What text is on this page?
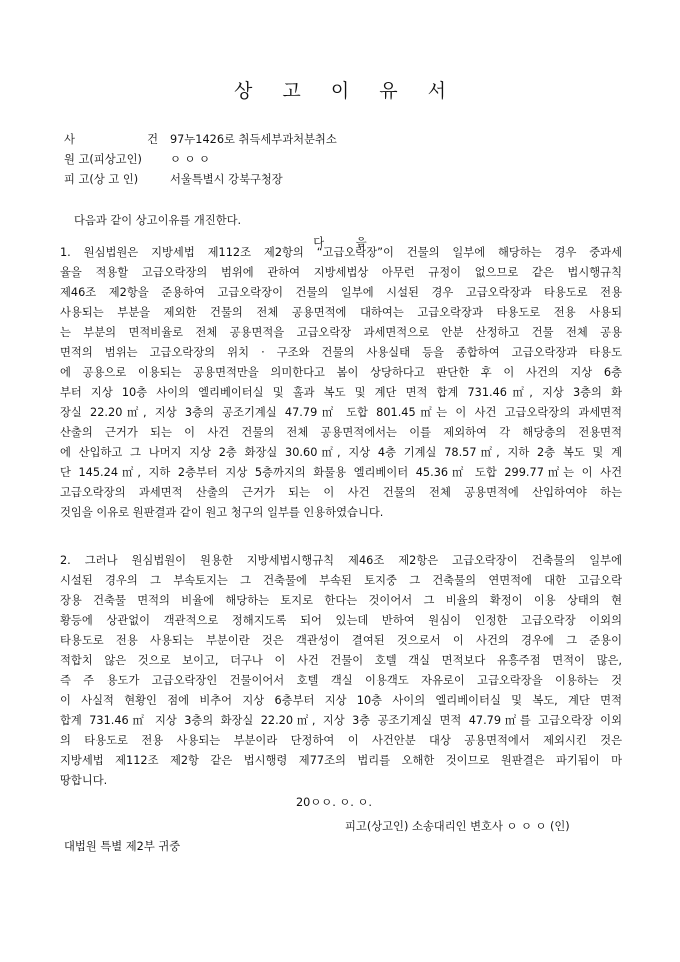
상 고 이 유 서
사	건 97누1426로 취득세부과처분취소
원 고(피상고인) ㅇ ㅇ ㅇ
피 고(상 고 인)	서울특별시 강북구청장
다음과 같이 상고이유를 개진한다.
다 음
1. 원심법원은 지방세법 제112조 제2항의 “고급오락장”이 건물의 일부에 해당하는 경우 중과세
율을 적용할 고급오락장의 범위에 관하여 지방세법상 아무런 규정이 없으므로 같은 법시행규칙
제46조 제2항을 준용하여 고급오락장이 건물의 일부에 시설된 경우 고급오락장과 타용도로 전용
사용되는 부분을 제외한 건물의 전체 공용면적에 대하여는 고급오락장과 타용도로 전용 사용되
는 부분의 면적비율로 전체 공용면적을 고급오락장 과세면적으로 안분 산정하고 건물 전체 공용
면적의 범위는 고급오락장의 위치 · 구조와 건물의 사용실태 등을 종합하여 고급오락장과 타용도
에 공용으로 이용되는 공용면적만을 의미한다고 봄이 상당하다고 판단한 후 이 사건의 지상 6층
부터 지상 10층 사이의 엘리베이터실 및 홀과 복도 및 계단 면적 합계 731.46㎡, 지상 3층의 화
장실 22.20㎡, 지상 3층의 공조기계실 47.79㎡ 도합 801.45㎡는 이 사건 고급오락장의 과세면적
산출의 근거가 되는 이 사건 건물의 전체 공용면적에서는 이를 제외하여 각 해당층의 전용면적
에 산입하고 그 나머지 지상 2층 화장실 30.60㎡, 지상 4층 기계실 78.57㎡, 지하 2층 복도 및 계
단 145.24㎡, 지하 2층부터 지상 5층까지의 화물용 엘리베이터 45.36㎡ 도합 299.77㎡는 이 사건
고급오락장의 과세면적 산출의 근거가 되는 이 사건 건물의 전체 공용면적에 산입하여야 하는
것임을 이유로 원판결과 같이 원고 청구의 일부를 인용하였습니다.
2. 그러나 원심법원이 원용한 지방세법시행규칙 제46조 제2항은 고급오락장이 건축물의 일부에
시설된 경우의 그 부속토지는 그 건축물에 부속된 토지중 그 건축물의 연면적에 대한 고급오락
장용 건축물 면적의 비율에 해당하는 토지로 한다는 것이어서 그 비율의 확정이 이용 상태의 현
황등에 상관없이 객관적으로 정해지도록 되어 있는데 반하여 원심이 인정한 고급오락장 이외의
타용도로 전용 사용되는 부분이란 것은 객관성이 결여된 것으로서 이 사건의 경우에 그 준용이
적합치 않은 것으로 보이고, 더구나 이 사건 건물이 호텔 객실 면적보다 유흥주점 면적이 많은,
즉 주 용도가 고급오락장인 건물이어서 호텔 객실 이용객도 자유로이 고급오락장을 이용하는 것
이 사실적 현황인 점에 비추어 지상 6층부터 지상 10층 사이의 엘리베이터실 및 복도, 계단 면적
합계 731.46㎡ 지상 3층의 화장실 22.20㎡, 지상 3층 공조기계실 면적 47.79㎡를 고급오락장 이외
의 타용도로 전용 사용되는 부분이라 단정하여 이 사건안분 대상 공용면적에서 제외시킨 것은
지방세법 제112조 제2항 같은 법시행령 제77조의 법리를 오해한 것이므로 원판결은 파기됨이 마
땅합니다.
20ㅇㅇ. ㅇ. ㅇ.
피고(상고인) 소송대리인 변호사 ㅇ ㅇ ㅇ (인)
대법원 특별 제2부 귀중
